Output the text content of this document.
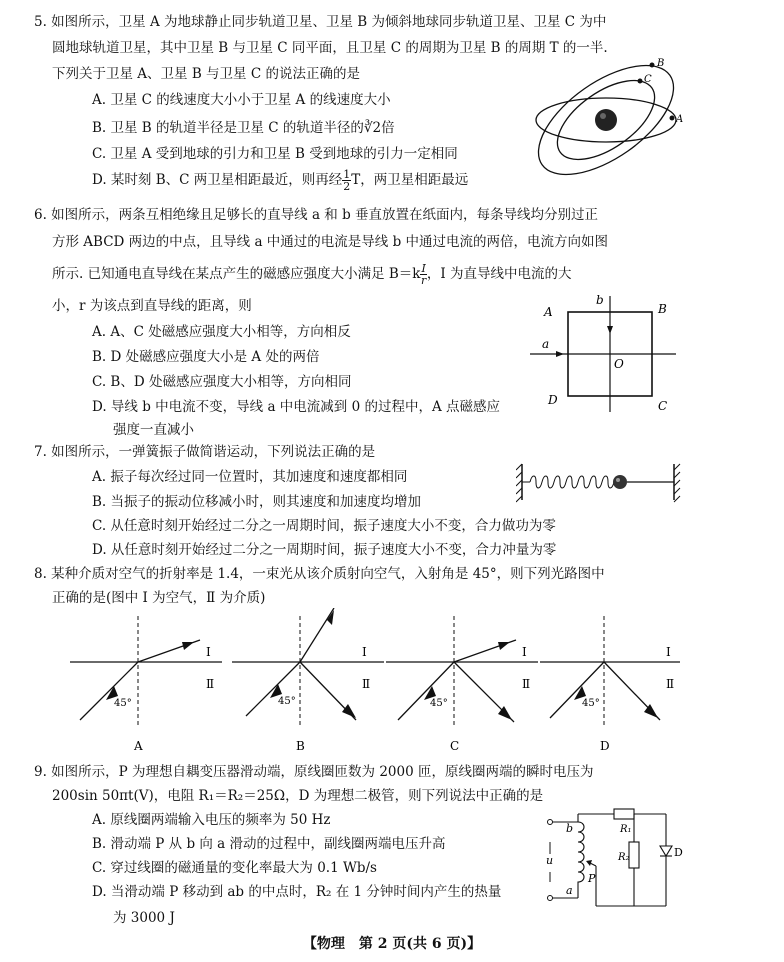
5. 如图所示，卫星 A 为地球静止同步轨道卫星、卫星 B 为倾斜地球同步轨道卫星、卫星 C 为中
圆地球轨道卫星，其中卫星 B 与卫星 C 同平面，且卫星 C 的周期为卫星 B 的周期 T 的一半.
下列关于卫星 A、卫星 B 与卫星 C 的说法正确的是
A. 卫星 C 的线速度大小小于卫星 A 的线速度大小
B. 卫星 B 的轨道半径是卫星 C 的轨道半径的∛2倍
C. 卫星 A 受到地球的引力和卫星 B 受到地球的引力一定相同
D. 某时刻 B、C 两卫星相距最近，则再经 $\frac{1}{2}$ T，两卫星相距最远
B
C
A
6. 如图所示，两条互相绝缘且足够长的直导线 a 和 b 垂直放置在纸面内，每条导线均分别过正
方形 ABCD 两边的中点，且导线 a 中通过的电流是导线 b 中通过电流的两倍，电流方向如图
所示. 已知通电直导线在某点产生的磁感应强度大小满足 $B=k \frac{I}{r}$ ，I 为直导线中电流的大
小，r 为该点到直导线的距离，则
A. A、C 处磁感应强度大小相等，方向相反
B. D 处磁感应强度大小是 A 处的两倍
C. B、D 处磁感应强度大小相等，方向相同
D. 导线 b 中电流不变，导线 a 中电流减到 0 的过程中，A 点磁感应
强度一直减小
A	B
C
D
O
a
b
7. 如图所示，一弹簧振子做简谐运动，下列说法正确的是
A. 振子每次经过同一位置时，其加速度和速度都相同
B. 当振子的振动位移减小时，则其速度和加速度均增加
C. 从任意时刻开始经过二分之一周期时间，振子速度大小不变，合力做功为零
D. 从任意时刻开始经过二分之一周期时间，振子速度大小不变，合力冲量为零
8. 某种介质对空气的折射率是 1.4，一束光从该介质射向空气，入射角是 45°，则下列光路图中
正确的是(图中 Ⅰ 为空气，Ⅱ 为介质)
Ⅰ
Ⅱ
45°
A
Ⅰ
Ⅱ
45°
B
Ⅰ
Ⅱ
45°
C
Ⅰ
Ⅱ
45°
D
9. 如图所示，P 为理想自耦变压器滑动端，原线圈匝数为 2000 匝，原线圈两端的瞬时电压为
200sin 50πt(V)，电阻 R₁＝R₂＝25Ω，D 为理想二极管，则下列说法中正确的是
A. 原线圈两端输入电压的频率为 50 Hz
B. 滑动端 P 从 b 向 a 滑动的过程中，副线圈两端电压升高
C. 穿过线圈的磁通量的变化率最大为 0.1 Wb/s
D. 当滑动端 P 移动到 ab 的中点时，R₂ 在 1 分钟时间内产生的热量
为 3000 J
u
b
a
P
R₁
R₂	D
【物理　第 2 页(共 6 页)】
